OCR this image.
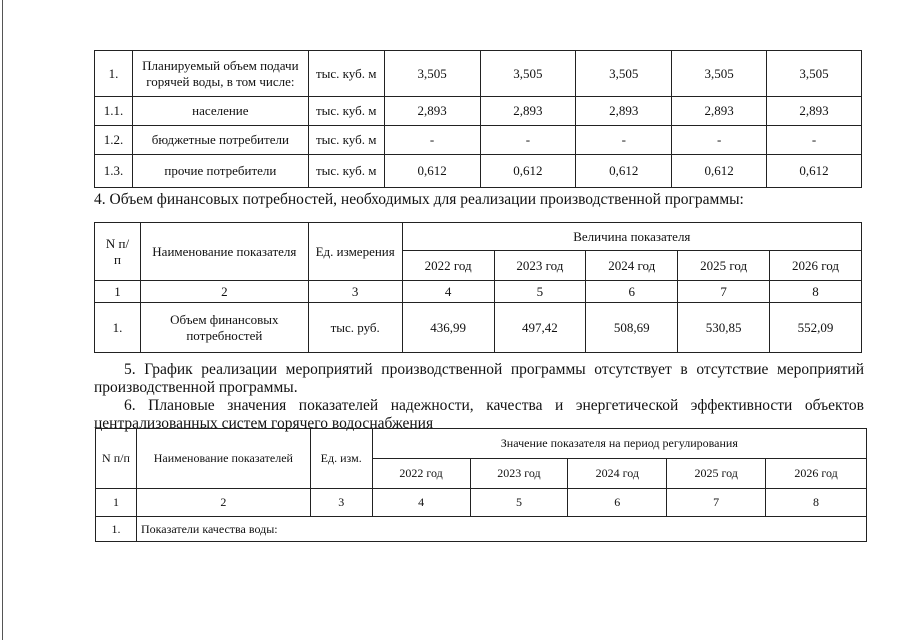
1.	Планируемый объем подачи горячей воды, в том числе:	тыс. куб. м	3,505	3,505	3,505	3,505	3,505
1.1.	население	тыс. куб. м	2,893	2,893	2,893	2,893	2,893
1.2.	бюджетные потребители	тыс. куб. м	-	-	-	-	-
1.3.	прочие потребители	тыс. куб. м	0,612	0,612	0,612	0,612	0,612
4. Объем финансовых потребностей, необходимых для реализации производственной программы:
N п/п	Наименование показателя	Ед. измерения	Величина показателя				
			2022 год	2023 год	2024 год	2025 год	2026 год
1	2	3	4	5	6	7	8
1.	Объем финансовых потребностей	тыс. руб.	436,99	497,42	508,69	530,85	552,09
5. График реализации мероприятий производственной программы отсутствует в отсутствие мероприятий
производственной программы.
6. Плановые значения показателей надежности, качества и энергетической эффективности объектов
централизованных систем горячего водоснабжения
N п/п	Наименование показателей	Ед. изм.	Значение показателя на период регулирования				
			2022 год	2023 год	2024 год	2025 год	2026 год
1	2	3	4	5	6	7	8
1.	Показатели качества воды:						
